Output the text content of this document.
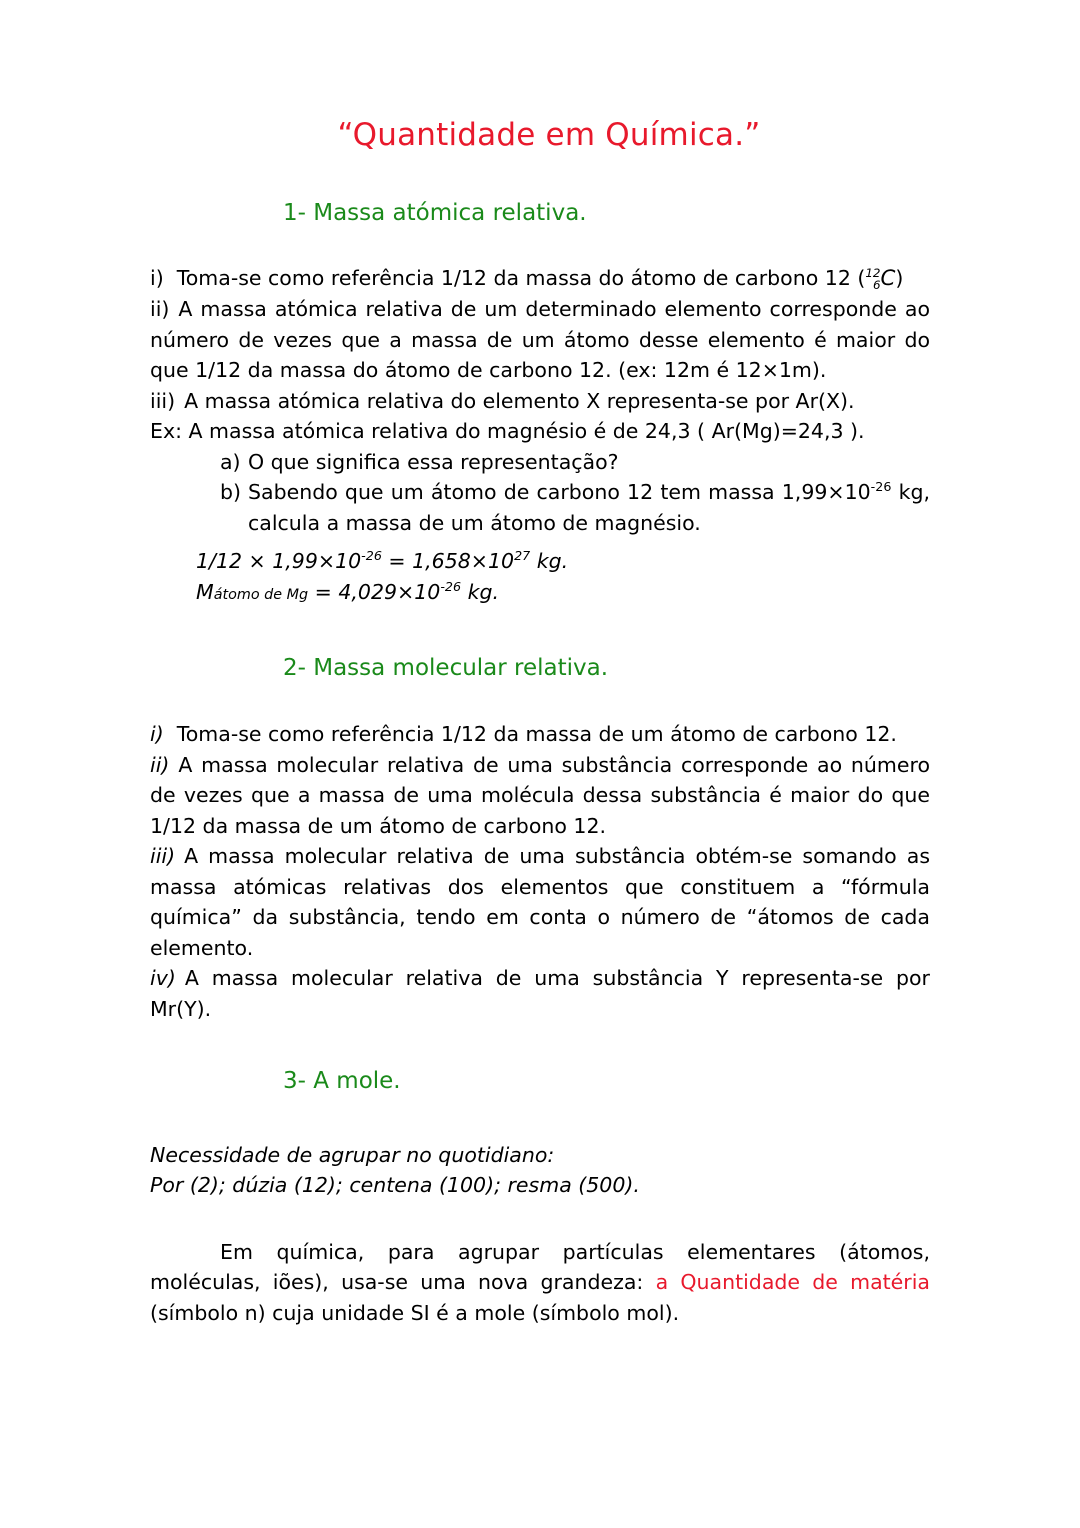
“Quantidade em Química.”
1- Massa atómica relativa.

i) Toma-se como referência 1/12 da massa do átomo de carbono 12 ( 12
6 C)

ii) A massa atómica relativa de um determinado elemento corresponde ao número de vezes que a massa de um átomo desse elemento é maior do que 1/12 da massa do átomo de carbono 12. (ex: 12m é 12×1m).

iii) A massa atómica relativa do elemento X representa-se por Ar(X).

Ex: A massa atómica relativa do magnésio é de 24,3 ( Ar(Mg)=24,3 ).

a) O que significa essa representação?
b) Sabendo que um átomo de carbono 12 tem massa $1,99\times 10^{-26}$ kg, calcula a massa de um átomo de magnésio.

$1/12 \times 1,99\times 10^{-26} = 1,658\times 10^{27}$ kg.

Mátomo de $Mg = 4,029\times 10^{-26}$ kg.

2- Massa molecular relativa.

i) Toma-se como referência 1/12 da massa de um átomo de carbono 12.

ii) A massa molecular relativa de uma substância corresponde ao número de vezes que a massa de uma molécula dessa substância é maior do que 1/12 da massa de um átomo de carbono 12.

iii) A massa molecular relativa de uma substância obtém-se somando as massa atómicas relativas dos elementos que constituem a “fórmula química” da substância, tendo em conta o número de “átomos de cada elemento.

iv) A massa molecular relativa de uma substância Y representa-se por Mr(Y).

3- A mole.

Necessidade de agrupar no quotidiano:

Por (2); dúzia (12); centena (100); resma (500).

Em química, para agrupar partículas elementares (átomos, moléculas, iões), usa-se uma nova grandeza: a Quantidade de matéria (símbolo n) cuja unidade SI é a mole (símbolo mol).
